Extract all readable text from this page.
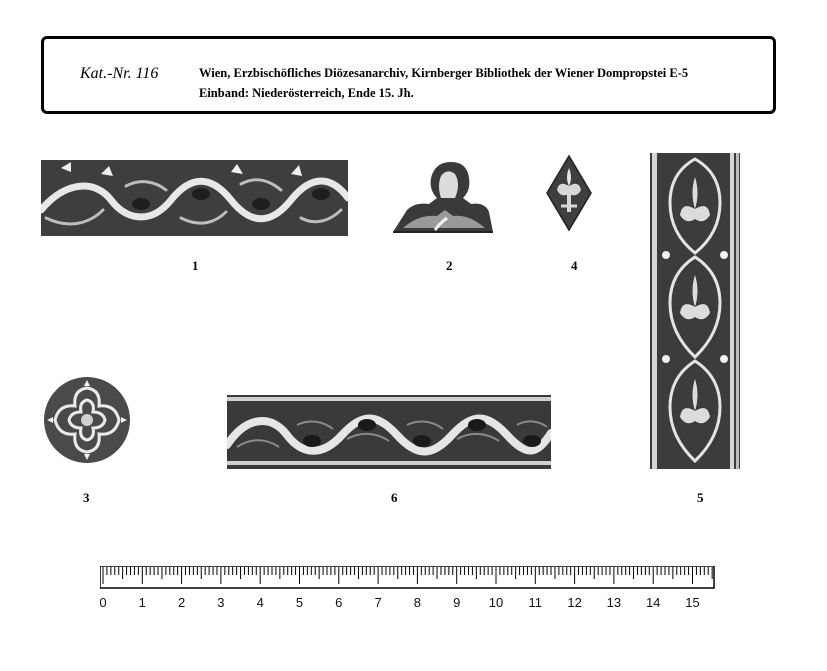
Kat.-Nr. 116	Wien, Erzbischöfliches Diözesanarchiv, Kirnberger Bibliothek der Wiener Dompropstei E-5
Einband: Niederösterreich, Ende 15. Jh.
1	2	4
5
3	6
0 1 2 3 4 5 6 7 8 9 10 11 12 13 14 15
